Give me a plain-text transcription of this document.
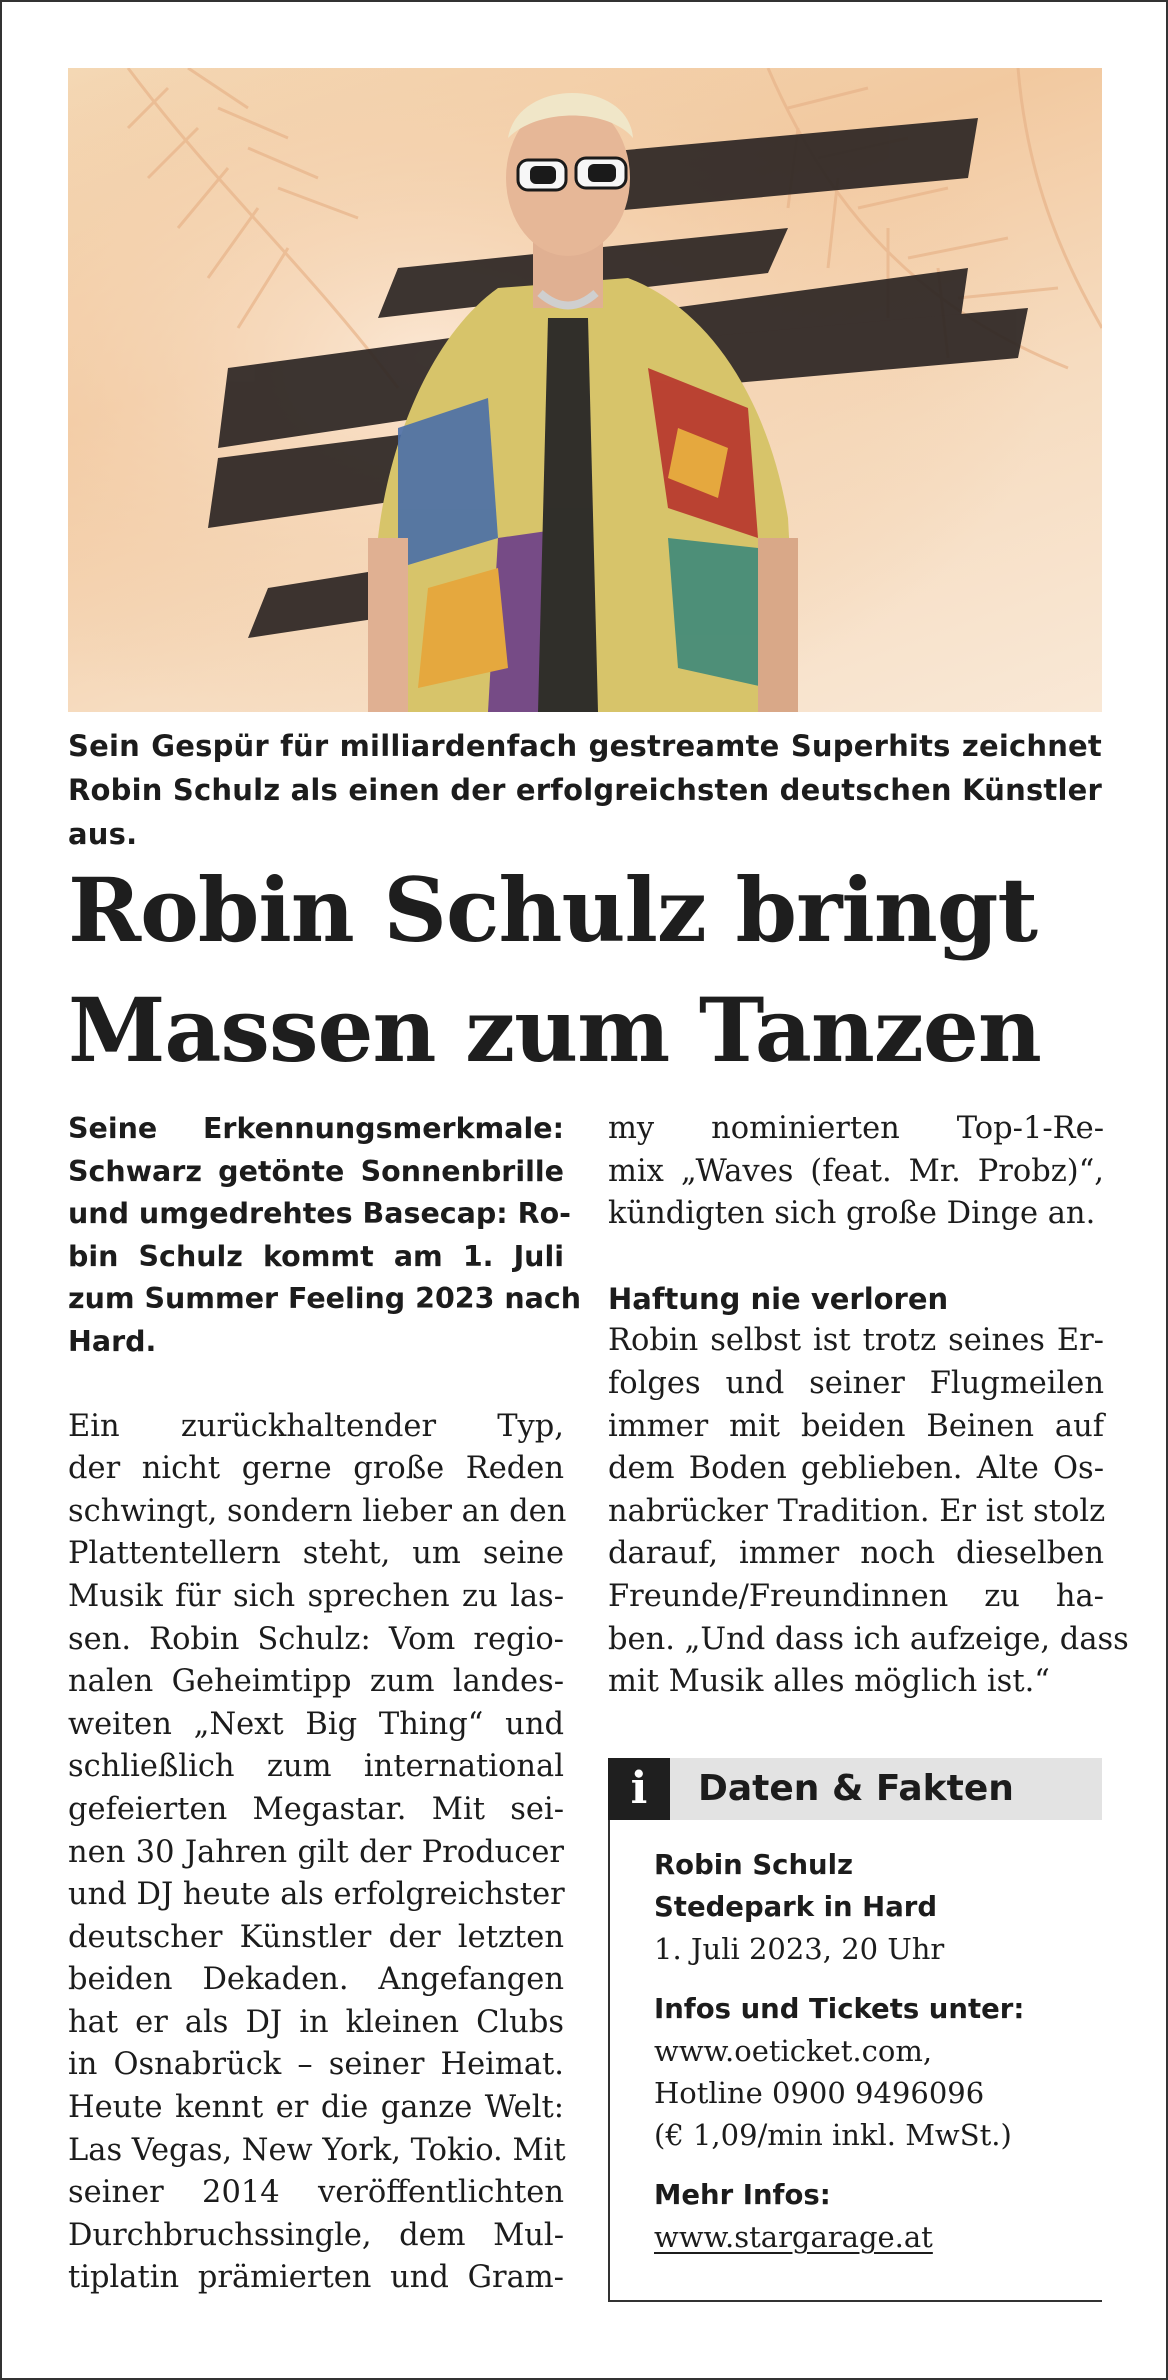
Sein Gespür für milliardenfach gestreamte Superhits zeichnet
Robin Schulz als einen der erfolgreichsten deutschen Künstler aus.
Robin Schulz bringt
Massen zum Tanzen
Seine Erkennungsmerkmale:
Schwarz getönte Sonnenbrille
und umgedrehtes Basecap: Ro-
bin Schulz kommt am 1. Juli
zum Summer Feeling 2023 nach
Hard.
Ein zurückhaltender Typ,
der nicht gerne große Reden
schwingt, sondern lieber an den
Plattentellern steht, um seine
Musik für sich sprechen zu las-
sen. Robin Schulz: Vom regio-
nalen Geheimtipp zum landes-
weiten „Next Big Thing“ und
schließlich zum international
gefeierten Megastar. Mit sei-
nen 30 Jahren gilt der Producer
und DJ heute als erfolgreichster
deutscher Künstler der letzten
beiden Dekaden. Angefangen
hat er als DJ in kleinen Clubs
in Osnabrück – seiner Heimat.
Heute kennt er die ganze Welt:
Las Vegas, New York, Tokio. Mit
seiner 2014 veröffentlichten
Durchbruchssingle, dem Mul-
tiplatin prämierten und Gram-
my nominierten Top-1-Re-
mix „Waves (feat. Mr. Probz)“,
kündigten sich große Dinge an.
Haftung nie verloren
Robin selbst ist trotz seines Er-
folges und seiner Flugmeilen
immer mit beiden Beinen auf
dem Boden geblieben. Alte Os-
nabrücker Tradition. Er ist stolz
darauf, immer noch dieselben
Freunde/Freundinnen zu ha-
ben. „Und dass ich aufzeige, dass
mit Musik alles möglich ist.“
i	Daten & Fakten
Robin Schulz
Stedepark in Hard
1. Juli 2023, 20 Uhr
Infos und Tickets unter:
www.oeticket.com,
Hotline 0900 9496096
(€ 1,09/min inkl. MwSt.)
Mehr Infos:
www.stargarage.at
